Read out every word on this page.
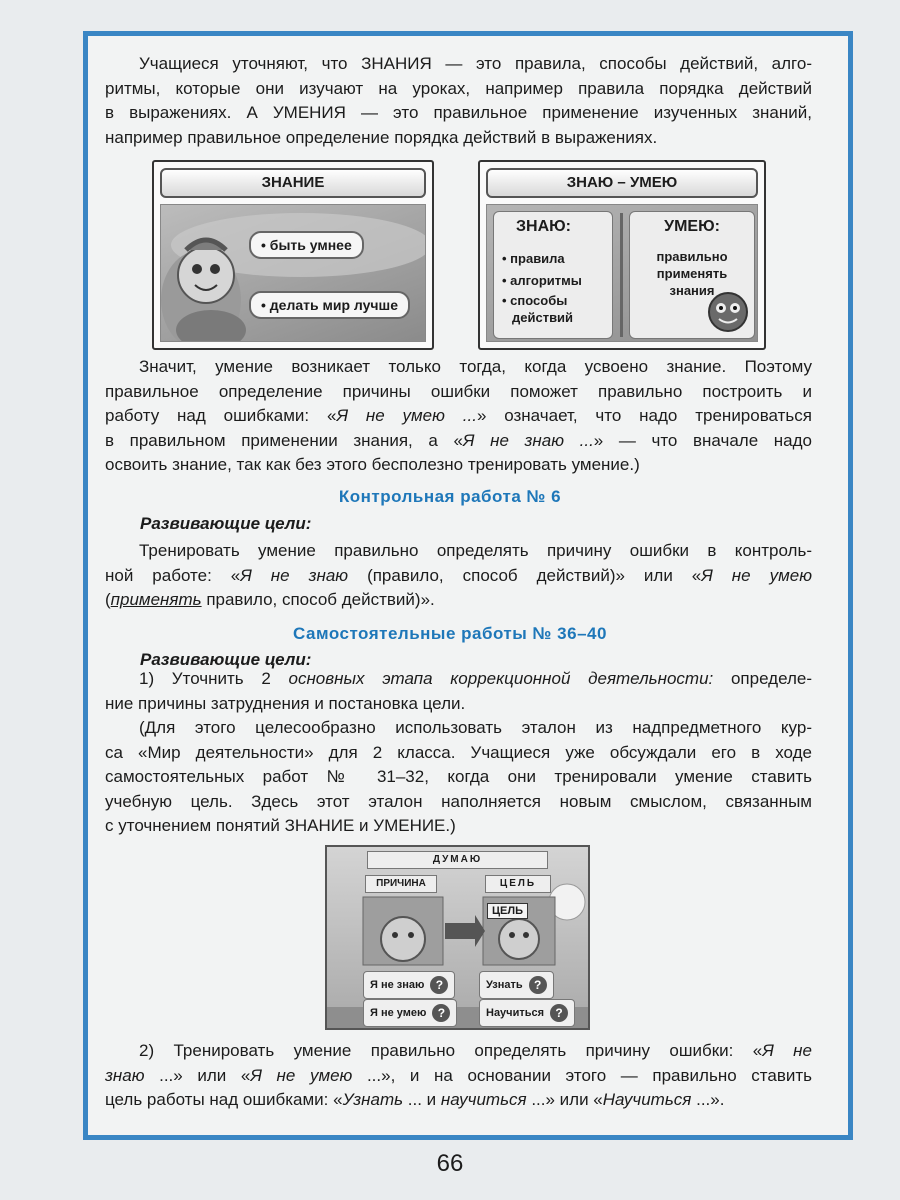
Учащиеся уточняют, что ЗНАНИЯ — это правила, способы действий, алго-
ритмы, которые они изучают на уроках, например правила порядка действий
в выражениях. А УМЕНИЯ — это правильное применение изученных знаний,
например правильное определение порядка действий в выражениях.
ЗНАНИЕ
• быть умнее
• делать мир лучше
ЗНАЮ – УМЕЮ
ЗНАЮ:
• правила
• алгоритмы
• способы действий
УМЕЮ:
правильно применять знания
Значит, умение возникает только тогда, когда усвоено знание. Поэтому
правильное определение причины ошибки поможет правильно построить и
работу над ошибками: «Я не умею ...» означает, что надо тренироваться
в правильном применении знания, а «Я не знаю ...» — что вначале надо
освоить знание, так как без этого бесполезно тренировать умение.)
Контрольная работа № 6
Развивающие цели:
Тренировать умение правильно определять причину ошибки в контроль-
ной работе: «Я не знаю (правило, способ действий)» или «Я не умею
(применять правило, способ действий)».
Самостоятельные работы № 36–40
Развивающие цели:
1) Уточнить 2 основных этапа коррекционной деятельности: определе-
ние причины затруднения и постановка цели.
(Для этого целесообразно использовать эталон из надпредметного кур-
са «Мир деятельности» для 2 класса. Учащиеся уже обсуждали его в ходе
самостоятельных работ № 31–32, когда они тренировали умение ставить
учебную цель. Здесь этот эталон наполняется новым смыслом, связанным
с уточнением понятий ЗНАНИЕ и УМЕНИЕ.)
ДУМАЮ
ПРИЧИНА	ЦЕЛЬ
ЦЕЛЬ
Я не знаю ?
Я не умею ?
Узнать ?
Научиться ?
2) Тренировать умение правильно определять причину ошибки: «Я не
знаю ...» или «Я не умею ...», и на основании этого — правильно ставить
цель работы над ошибками: «Узнать ... и научиться ...» или «Научиться ...».
66
